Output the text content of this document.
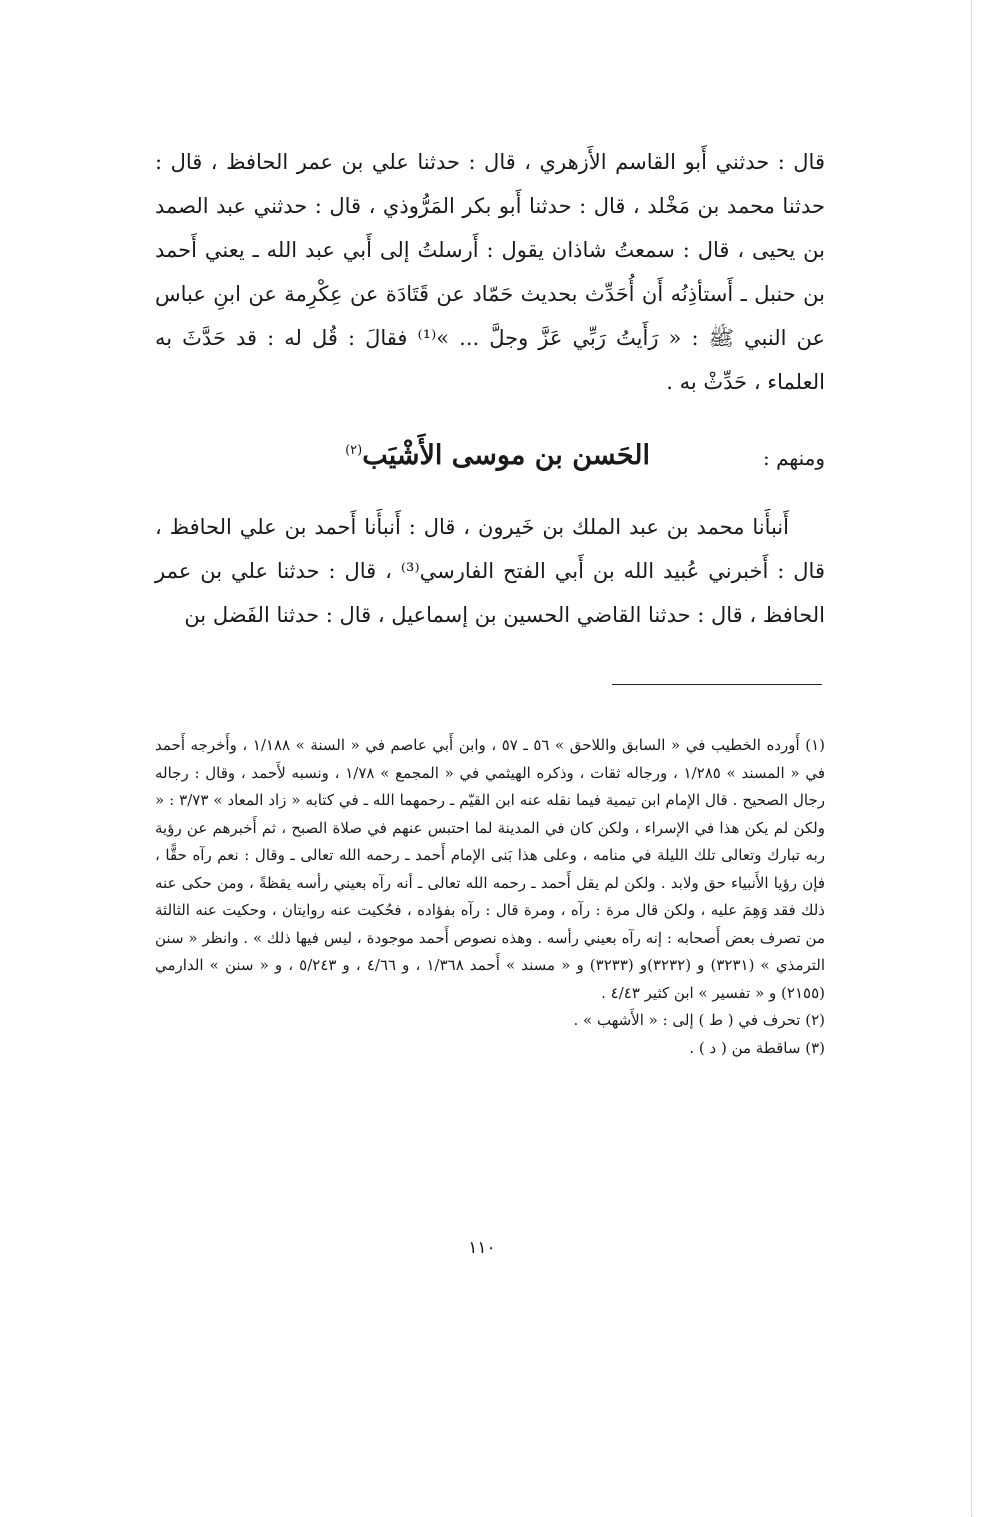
قال : حدثني أَبو القاسم الأَزهري ، قال : حدثنا علي بن عمر الحافظ ، قال : حدثنا محمد بن مَخْلد ، قال : حدثنا أَبو بكر المَرُّوذي ، قال : حدثني عبد الصمد بن يحيى ، قال : سمعتُ شاذان يقول : أَرسلتُ إلى أَبي عبد الله ـ يعني أَحمد بن حنبل ـ أَستأذِنُه أَن أُحَدِّث بحديث حَمّاد عن قَتَادَة عن عِكْرِمة عن ابنِ عباس عن النبي ﷺ : « رَأَيتُ رَبِّي عَزَّ وجلَّ ... »⁽¹⁾ فقالَ : قُل له : قد حَدَّثَ به العلماء ، حَدِّثْ به .

ومنهم :
الحَسن بن موسى الأَشْيَب$^{(٢)}$

أَنبأَنا محمد بن عبد الملك بن خَيرون ، قال : أَنبأَنا أَحمد بن علي الحافظ ، قال : أَخبرني عُبيد الله بن أَبي الفتح الفارسي⁽³⁾ ، قال : حدثنا علي بن عمر الحافظ ، قال : حدثنا القاضي الحسين بن إسماعيل ، قال : حدثنا الفَضل بن

(١) أَورده الخطيب في « السابق واللاحق » ٥٦ ـ ٥٧ ، وابن أَبي عاصم في « السنة » ١/١٨٨ ، وأَخرجه أَحمد في « المسند » ١/٢٨٥ ، ورجاله ثقات ، وذكره الهيثمي في « المجمع » ١/٧٨ ، ونسبه لأَحمد ، وقال : رجاله رجال الصحيح . قال الإمام ابن تيمية فيما نقله عنه ابن القيّم ـ رحمهما الله ـ في كتابه « زاد المعاد » ٣/٧٣ : « ولكن لم يكن هذا في الإسراء ، ولكن كان في المدينة لما احتبس عنهم في صلاة الصبح ، ثم أَخبرهم عن رؤية ربه تبارك وتعالى تلك الليلة في منامه ، وعلى هذا بَنى الإمام أَحمد ـ رحمه الله تعالى ـ وقال : نعم رآه حقًّا ، فإن رؤيا الأَنبياء حق ولابد . ولكن لم يقل أَحمد ـ رحمه الله تعالى ـ أنه رآه بعيني رأسه يقظةً ، ومن حكى عنه ذلك فقد وَهِمَ عليه ، ولكن قال مرة : رآه ، ومرة قال : رآه بفؤاده ، فحُكيت عنه روايتان ، وحكيت عنه الثالثة من تصرف بعض أَصحابه : إنه رآه بعيني رأسه . وهذه نصوص أَحمد موجودة ، ليس فيها ذلك » . وانظر « سنن الترمذي » (٣٢٣١) و (٣٢٣٢)و (٣٢٣٣) و « مسند » أَحمد ١/٣٦٨ ، و ٤/٦٦ ، و ٥/٢٤٣ ، و « سنن » الدارمي (٢١٥٥) و « تفسير » ابن كثير ٤/٤٣ .

(٢) تحرف في ( ط ) إلى : « الأَشهب » .

(٣) ساقطة من ( د ) .

١١٠
